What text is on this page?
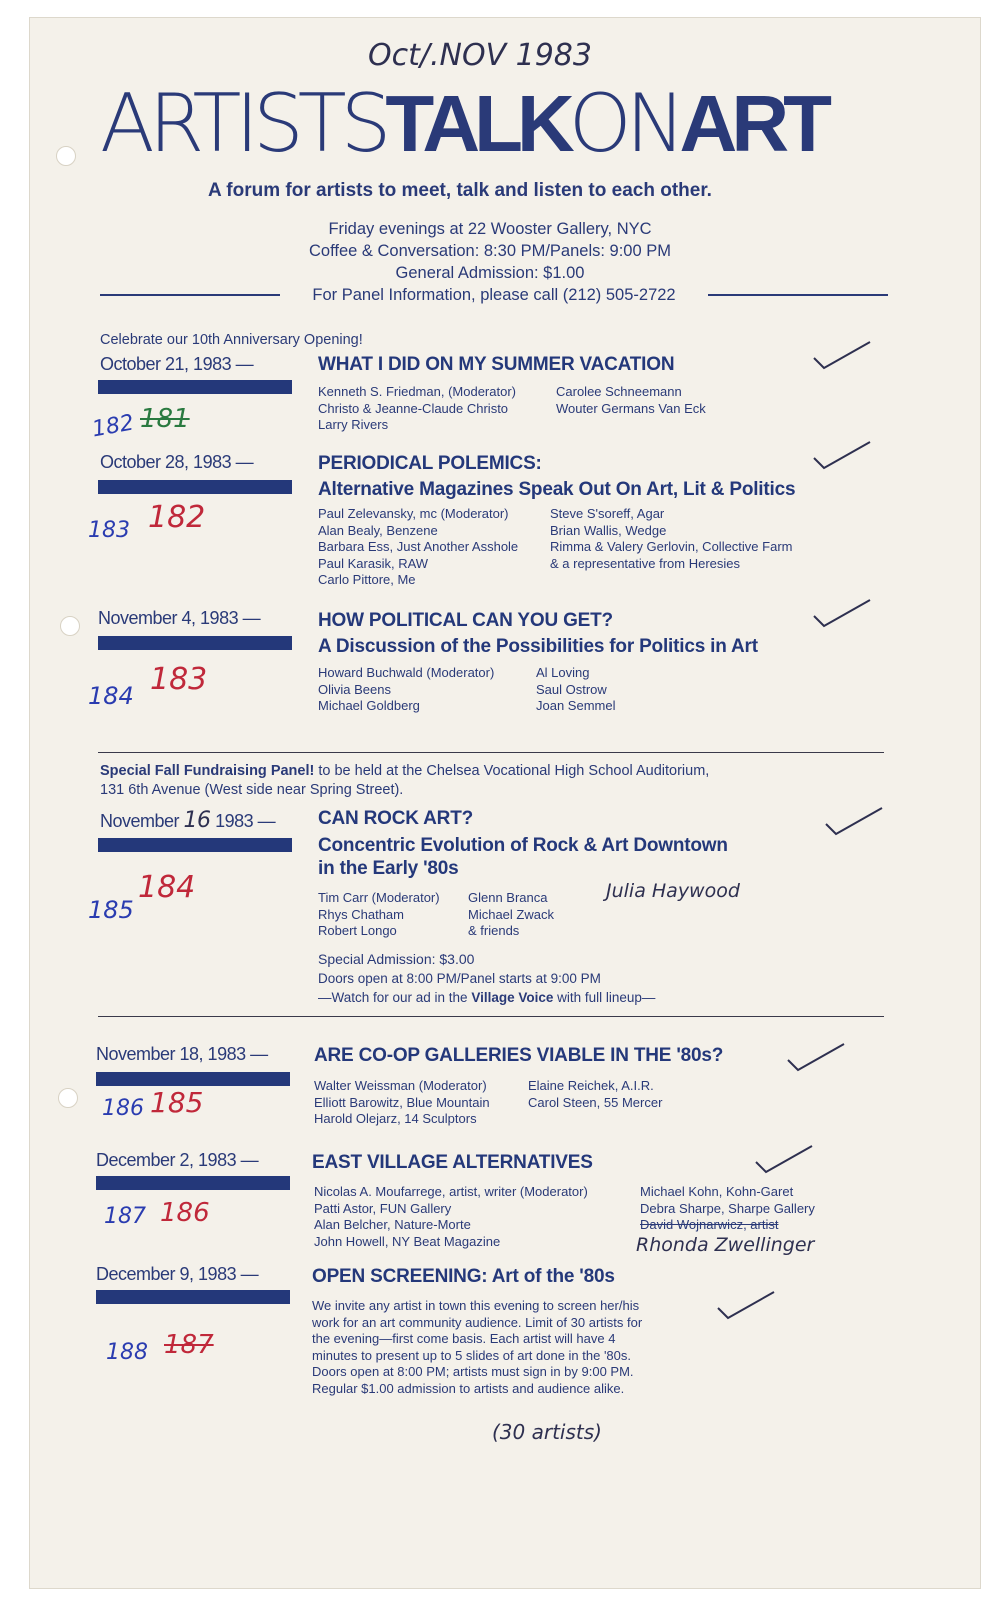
Oct/.NOV 1983
ARTISTSTALKONART
A forum for artists to meet, talk and listen to each other.
Friday evenings at 22 Wooster Gallery, NYC
Coffee & Conversation: 8:30 PM/Panels: 9:00 PM
General Admission: $1.00
For Panel Information, please call (212) 505-2722
Celebrate our 10th Anniversary Opening!
October 21, 1983 —	WHAT I DID ON MY SUMMER VACATION
Kenneth S. Friedman, (Moderator)
Christo & Jeanne-Claude Christo
Larry Rivers
Carolee Schneemann
Wouter Germans Van Eck
182 181
October 28, 1983 —	PERIODICAL POLEMICS:
Alternative Magazines Speak Out On Art, Lit & Politics
Paul Zelevansky, mc (Moderator)
Alan Bealy, Benzene
Barbara Ess, Just Another Asshole
Paul Karasik, RAW
Carlo Pittore, Me
Steve S'soreff, Agar
Brian Wallis, Wedge
Rimma & Valery Gerlovin, Collective Farm
& a representative from Heresies
183 182
November 4, 1983 —	HOW POLITICAL CAN YOU GET?
A Discussion of the Possibilities for Politics in Art
Howard Buchwald (Moderator)
Olivia Beens
Michael Goldberg
Al Loving
Saul Ostrow
Joan Semmel
184 183
Special Fall Fundraising Panel! to be held at the Chelsea Vocational High School Auditorium,
131 6th Avenue (West side near Spring Street).
November 16 1983 — CAN ROCK ART?
Concentric Evolution of Rock & Art Downtown
in the Early '80s
Tim Carr (Moderator)
Rhys Chatham
Robert Longo
Glenn Branca
Michael Zwack
& friends
Julia Haywood
Special Admission: $3.00
Doors open at 8:00 PM/Panel starts at 9:00 PM
—Watch for our ad in the Village Voice with full lineup—
185
184
November 18, 1983 — ARE CO-OP GALLERIES VIABLE IN THE '80s?
Walter Weissman (Moderator)
Elliott Barowitz, Blue Mountain
Harold Olejarz, 14 Sculptors
Elaine Reichek, A.I.R.
Carol Steen, 55 Mercer
186 185
December 2, 1983 —	EAST VILLAGE ALTERNATIVES
Nicolas A. Moufarrege, artist, writer (Moderator)
Patti Astor, FUN Gallery
Alan Belcher, Nature-Morte
John Howell, NY Beat Magazine
Michael Kohn, Kohn-Garet
Debra Sharpe, Sharpe Gallery
David Wojnarwicz, artist
Rhonda Zwellinger
187 186
December 9, 1983 —	OPEN SCREENING: Art of the '80s
We invite any artist in town this evening to screen her/his
work for an art community audience. Limit of 30 artists for
the evening—first come basis. Each artist will have 4
minutes to present up to 5 slides of art done in the '80s.
Doors open at 8:00 PM; artists must sign in by 9:00 PM.
Regular $1.00 admission to artists and audience alike.
(30 artists)
188 187
